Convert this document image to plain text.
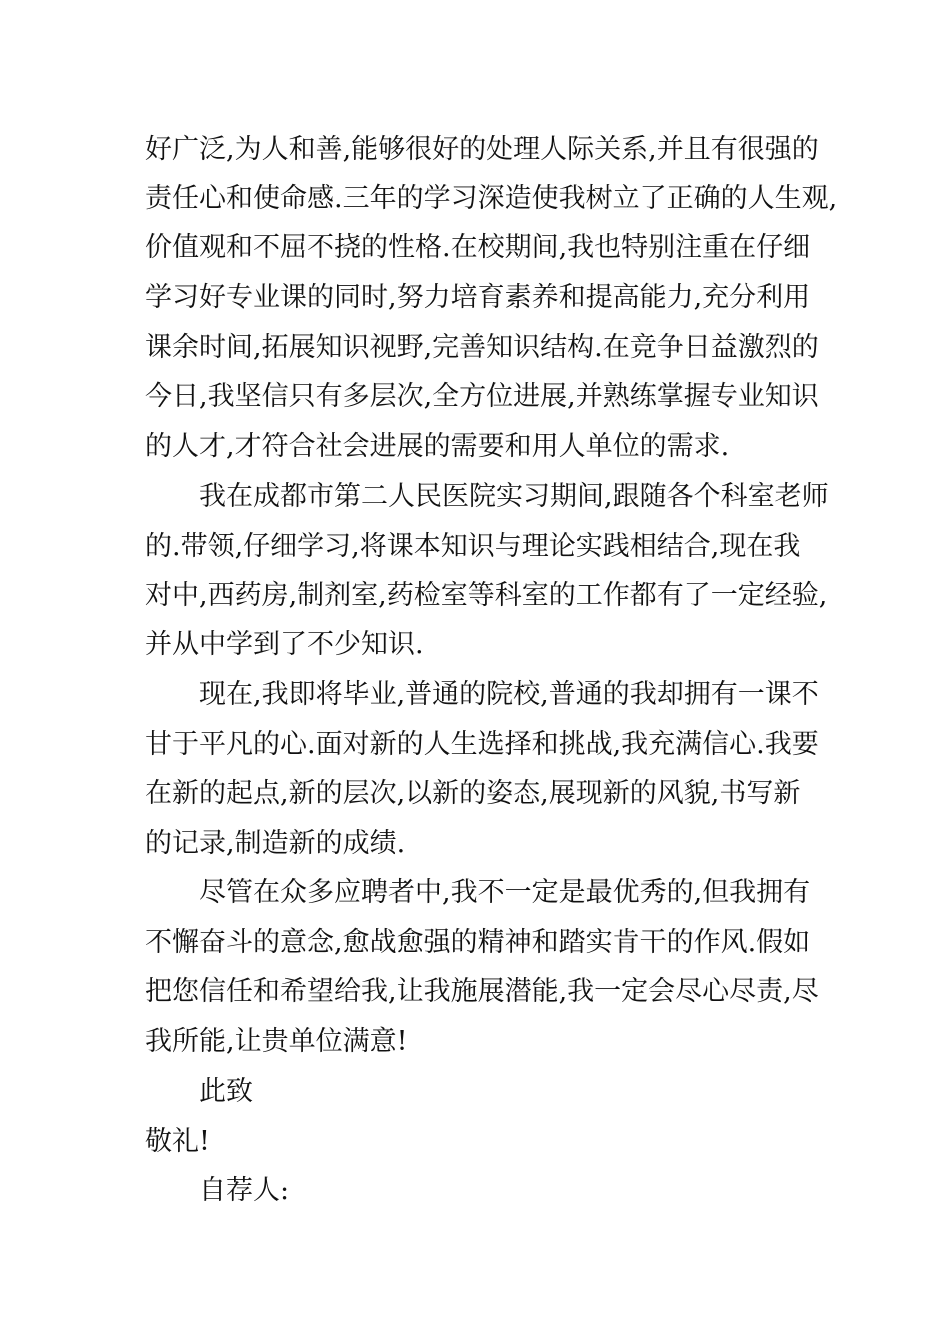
好广泛,为人和善,能够很好的处理人际关系,并且有很强的
责任心和使命感.三年的学习深造使我树立了正确的人生观,
价值观和不屈不挠的性格.在校期间,我也特别注重在仔细
学习好专业课的同时,努力培育素养和提高能力,充分利用
课余时间,拓展知识视野,完善知识结构.在竞争日益激烈的
今日,我坚信只有多层次,全方位进展,并熟练掌握专业知识
的人才,才符合社会进展的需要和用人单位的需求.
我在成都市第二人民医院实习期间,跟随各个科室老师
的.带领,仔细学习,将课本知识与理论实践相结合,现在我
对中,西药房,制剂室,药检室等科室的工作都有了一定经验,
并从中学到了不少知识.
现在,我即将毕业,普通的院校,普通的我却拥有一课不
甘于平凡的心.面对新的人生选择和挑战,我充满信心.我要
在新的起点,新的层次,以新的姿态,展现新的风貌,书写新
的记录,制造新的成绩.
尽管在众多应聘者中,我不一定是最优秀的,但我拥有
不懈奋斗的意念,愈战愈强的精神和踏实肯干的作风.假如
把您信任和希望给我,让我施展潜能,我一定会尽心尽责,尽
我所能,让贵单位满意!
此致
敬礼!
自荐人:
